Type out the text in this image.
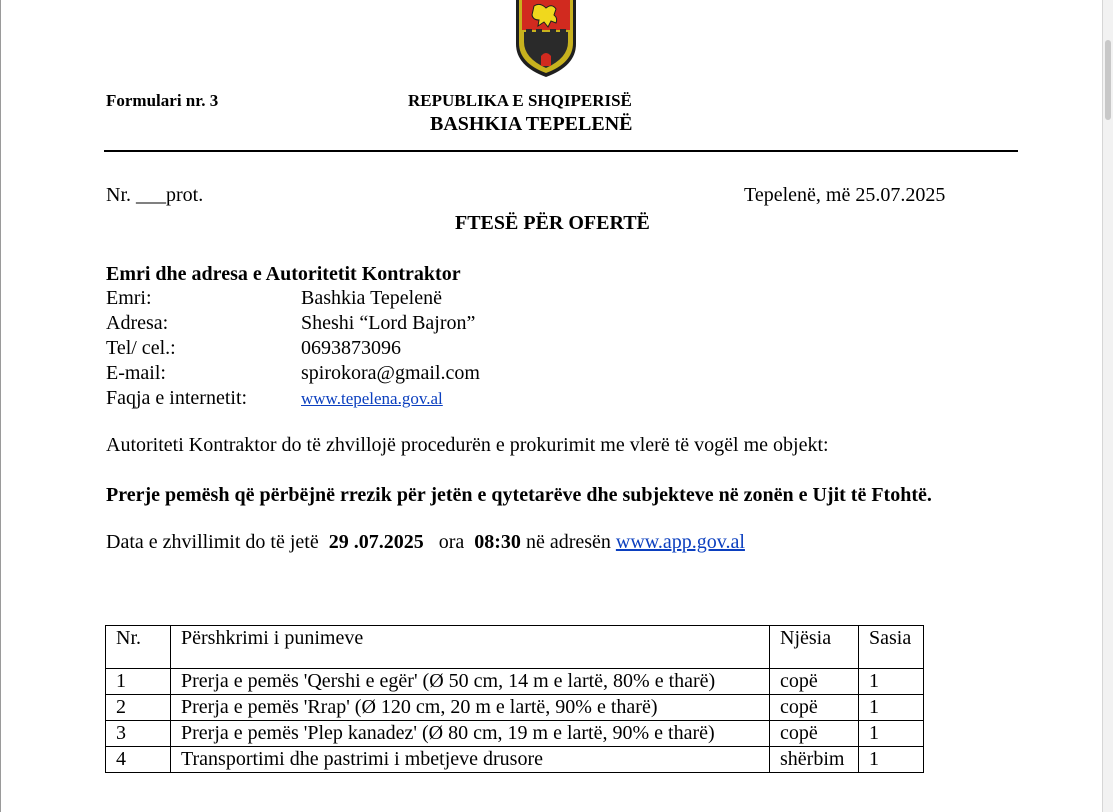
Formulari nr. 3	REPUBLIKA E SHQIPERISË
BASHKIA TEPELENË
Nr. ___prot.	Tepelenë, më 25.07.2025
FTESË PËR OFERTË
Emri dhe adresa e Autoritetit Kontraktor
Emri:	Bashkia Tepelenë
Adresa:	Sheshi “Lord Bajron”
Tel/ cel.:	0693873096
E-mail:	spirokora@gmail.com
Faqja e internetit:	www.tepelena.gov.al
Autoriteti Kontraktor do të zhvillojë procedurën e prokurimit me vlerë të vogël me objekt:
Prerje pemësh që përbëjnë rrezik për jetën e qytetarëve dhe subjekteve në zonën e Ujit të Ftohtë.
Data e zhvillimit do të jetë  29 .07.2025   ora  08:30 në adresën www.app.gov.al
Nr.	Përshkrimi i punimeve	Njësia	Sasia
1	Prerja e pemës 'Qershi e egër' (Ø 50 cm, 14 m e lartë, 80% e tharë)	copë	1
2	Prerja e pemës 'Rrap' (Ø 120 cm, 20 m e lartë, 90% e tharë)	copë	1
3	Prerja e pemës 'Plep kanadez' (Ø 80 cm, 19 m e lartë, 90% e tharë)	copë	1
4	Transportimi dhe pastrimi i mbetjeve drusore	shërbim	1
